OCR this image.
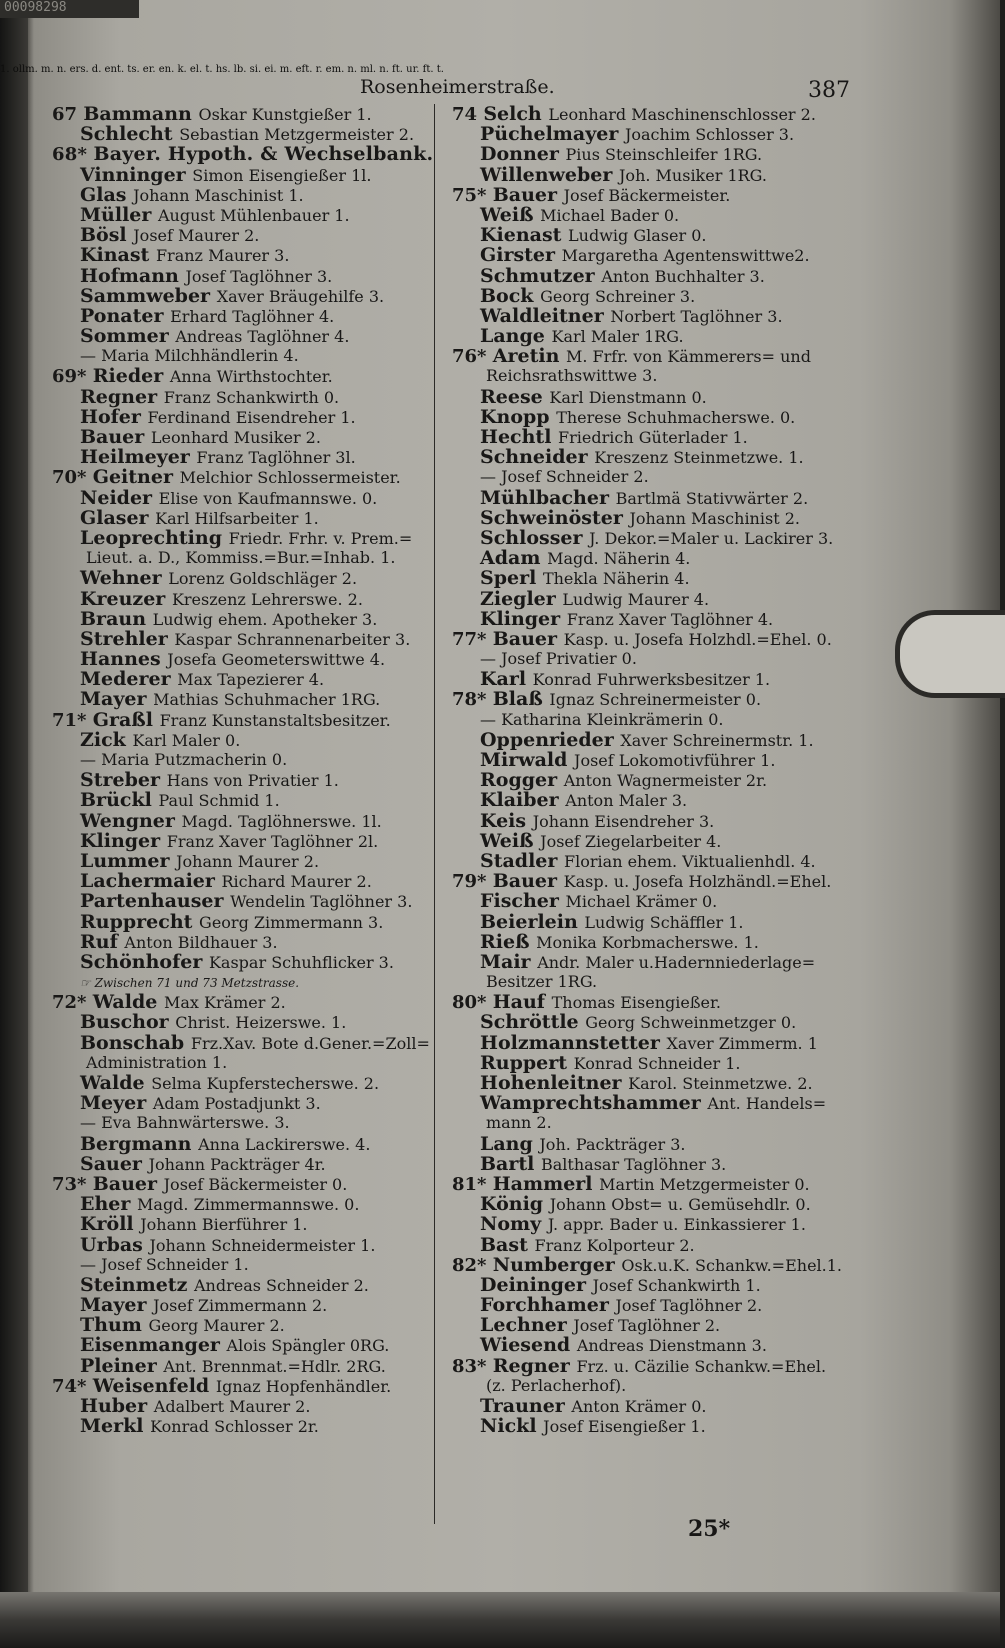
1. ollm. m. n. ers. d. ent. ts. er. en. k. el. t. hs. lb. si. ei. m. eft. r. em. n. ml. n. ft. ur. ft. t.
00098298
Rosenheimerstraße.	387
67 Bammann Oskar Kunstgießer 1.
Schlecht Sebastian Metzgermeister 2.
68* Bayer. Hypoth. & Wechselbank.
Vinninger Simon Eisengießer 1l.
Glas Johann Maschinist 1.
Müller August Mühlenbauer 1.
Bösl Josef Maurer 2.
Kinast Franz Maurer 3.
Hofmann Josef Taglöhner 3.
Sammweber Xaver Bräugehilfe 3.
Ponater Erhard Taglöhner 4.
Sommer Andreas Taglöhner 4.
— Maria Milchhändlerin 4.
69* Rieder Anna Wirthstochter.
Regner Franz Schankwirth 0.
Hofer Ferdinand Eisendreher 1.
Bauer Leonhard Musiker 2.
Heilmeyer Franz Taglöhner 3l.
70* Geitner Melchior Schlossermeister.
Neider Elise von Kaufmannswe. 0.
Glaser Karl Hilfsarbeiter 1.
Leoprechting Friedr. Frhr. v. Prem.=
Lieut. a. D., Kommiss.=Bur.=Inhab. 1.
Wehner Lorenz Goldschläger 2.
Kreuzer Kreszenz Lehrerswe. 2.
Braun Ludwig ehem. Apotheker 3.
Strehler Kaspar Schrannenarbeiter 3.
Hannes Josefa Geometerswittwe 4.
Mederer Max Tapezierer 4.
Mayer Mathias Schuhmacher 1RG.
71* Graßl Franz Kunstanstaltsbesitzer.
Zick Karl Maler 0.
— Maria Putzmacherin 0.
Streber Hans von Privatier 1.
Brückl Paul Schmid 1.
Wengner Magd. Taglöhnerswe. 1l.
Klinger Franz Xaver Taglöhner 2l.
Lummer Johann Maurer 2.
Lachermaier Richard Maurer 2.
Partenhauser Wendelin Taglöhner 3.
Rupprecht Georg Zimmermann 3.
Ruf Anton Bildhauer 3.
Schönhofer Kaspar Schuhflicker 3.
☞ Zwischen 71 und 73 Metzstrasse.
72* Walde Max Krämer 2.
Buschor Christ. Heizerswe. 1.
Bonschab Frz.Xav. Bote d.Gener.=Zoll=
Administration 1.
Walde Selma Kupferstecherswe. 2.
Meyer Adam Postadjunkt 3.
— Eva Bahnwärterswe. 3.
Bergmann Anna Lackirerswe. 4.
Sauer Johann Packträger 4r.
73* Bauer Josef Bäckermeister 0.
Eher Magd. Zimmermannswe. 0.
Kröll Johann Bierführer 1.
Urbas Johann Schneidermeister 1.
— Josef Schneider 1.
Steinmetz Andreas Schneider 2.
Mayer Josef Zimmermann 2.
Thum Georg Maurer 2.
Eisenmanger Alois Spängler 0RG.
Pleiner Ant. Brennmat.=Hdlr. 2RG.
74* Weisenfeld Ignaz Hopfenhändler.
Huber Adalbert Maurer 2.
Merkl Konrad Schlosser 2r.
74 Selch Leonhard Maschinenschlosser 2.
Püchelmayer Joachim Schlosser 3.
Donner Pius Steinschleifer 1RG.
Willenweber Joh. Musiker 1RG.
75* Bauer Josef Bäckermeister.
Weiß Michael Bader 0.
Kienast Ludwig Glaser 0.
Girster Margaretha Agentenswittwe2.
Schmutzer Anton Buchhalter 3.
Bock Georg Schreiner 3.
Waldleitner Norbert Taglöhner 3.
Lange Karl Maler 1RG.
76* Aretin M. Frfr. von Kämmerers= und
Reichsrathswittwe 3.
Reese Karl Dienstmann 0.
Knopp Therese Schuhmacherswe. 0.
Hechtl Friedrich Güterlader 1.
Schneider Kreszenz Steinmetzwe. 1.
— Josef Schneider 2.
Mühlbacher Bartlmä Stativwärter 2.
Schweinöster Johann Maschinist 2.
Schlosser J. Dekor.=Maler u. Lackirer 3.
Adam Magd. Näherin 4.
Sperl Thekla Näherin 4.
Ziegler Ludwig Maurer 4.
Klinger Franz Xaver Taglöhner 4.
77* Bauer Kasp. u. Josefa Holzhdl.=Ehel. 0.
— Josef Privatier 0.
Karl Konrad Fuhrwerksbesitzer 1.
78* Blaß Ignaz Schreinermeister 0.
— Katharina Kleinkrämerin 0.
Oppenrieder Xaver Schreinermstr. 1.
Mirwald Josef Lokomotivführer 1.
Rogger Anton Wagnermeister 2r.
Klaiber Anton Maler 3.
Keis Johann Eisendreher 3.
Weiß Josef Ziegelarbeiter 4.
Stadler Florian ehem. Viktualienhdl. 4.
79* Bauer Kasp. u. Josefa Holzhändl.=Ehel.
Fischer Michael Krämer 0.
Beierlein Ludwig Schäffler 1.
Rieß Monika Korbmacherswe. 1.
Mair Andr. Maler u.Hadernniederlage=
Besitzer 1RG.
80* Hauf Thomas Eisengießer.
Schröttle Georg Schweinmetzger 0.
Holzmannstetter Xaver Zimmerm. 1
Ruppert Konrad Schneider 1.
Hohenleitner Karol. Steinmetzwe. 2.
Wamprechtshammer Ant. Handels=
mann 2.
Lang Joh. Packträger 3.
Bartl Balthasar Taglöhner 3.
81* Hammerl Martin Metzgermeister 0.
König Johann Obst= u. Gemüsehdlr. 0.
Nomy J. appr. Bader u. Einkassierer 1.
Bast Franz Kolporteur 2.
82* Numberger Osk.u.K. Schankw.=Ehel.1.
Deininger Josef Schankwirth 1.
Forchhamer Josef Taglöhner 2.
Lechner Josef Taglöhner 2.
Wiesend Andreas Dienstmann 3.
83* Regner Frz. u. Cäzilie Schankw.=Ehel.
(z. Perlacherhof).
Trauner Anton Krämer 0.
Nickl Josef Eisengießer 1.
25*
